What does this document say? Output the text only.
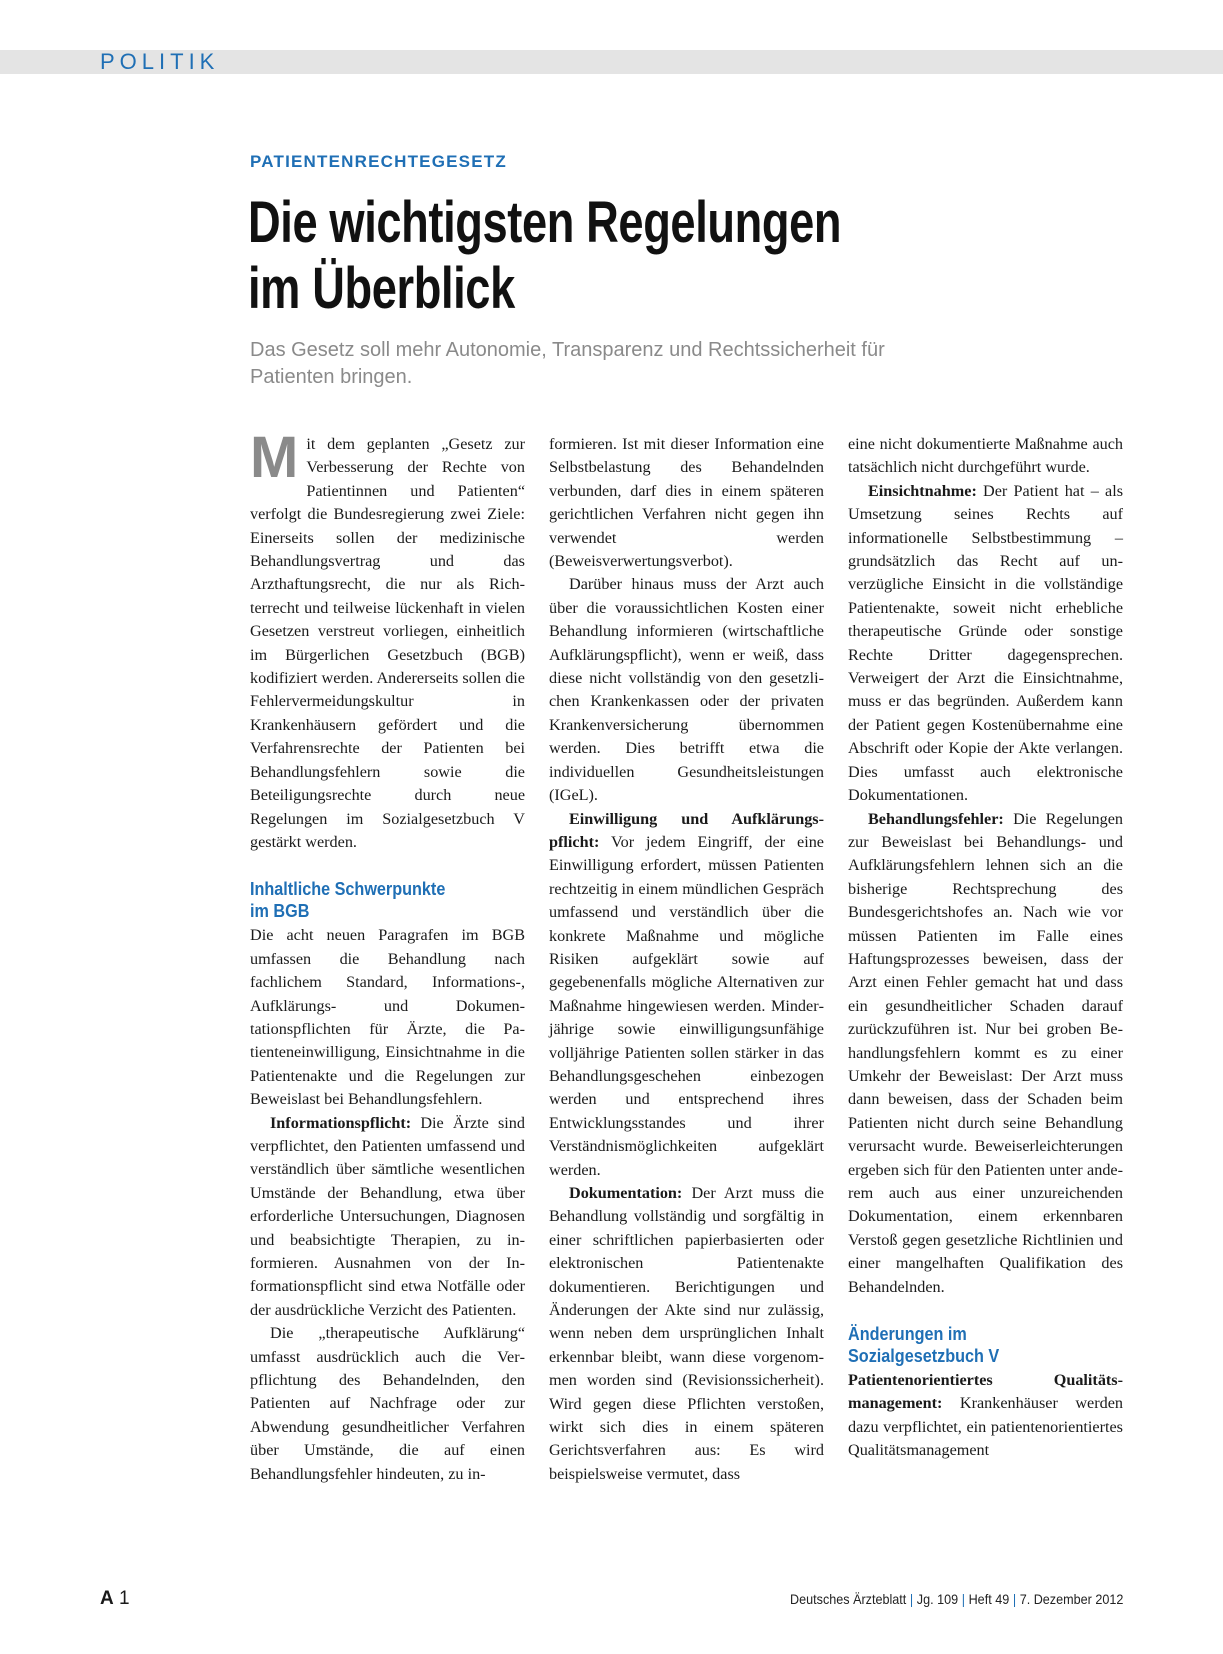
POLITIK
PATIENTENRECHTEGESETZ
Die wichtigsten Regelungen
im Überblick
Das Gesetz soll mehr Autonomie, Transparenz und Rechtssicherheit für Patienten bringen.

Mit dem geplanten „Gesetz zur Verbesserung der Rechte von Patientinnen und Patienten“ verfolgt die Bundesregierung zwei Ziele: Einerseits sollen der medizinische Behandlungsvertrag und das Arzthaftungsrecht, die nur als Richterrecht und teilweise lückenhaft in vielen Gesetzen verstreut vorliegen, einheitlich im Bürgerlichen Gesetzbuch (BGB) kodifiziert werden. Andererseits sollen die Fehlervermeidungskultur in Krankenhäusern gefördert und die Verfahrensrechte der Patienten bei Behandlungsfehlern sowie die Beteiligungsrechte durch neue Regelungen im Sozialgesetzbuch V gestärkt werden.

Inhaltliche Schwerpunkte
im BGB

Die acht neuen Paragrafen im BGB umfassen die Behandlung nach fachlichem Standard, Informations-, Aufklärungs- und Dokumentationspflichten für Ärzte, die Patienteneinwilligung, Einsichtnahme in die Patientenakte und die Regelungen zur Beweislast bei Behandlungsfehlern.

Informationspflicht: Die Ärzte sind verpflichtet, den Patienten umfassend und verständlich über sämtliche wesentlichen Umstände der Behandlung, etwa über erforderliche Untersuchungen, Diagnosen und beabsichtigte Therapien, zu informieren. Ausnahmen von der Informationspflicht sind etwa Notfälle oder der ausdrückliche Verzicht des Patienten.

Die „therapeutische Aufklärung“ umfasst ausdrücklich auch die Verpflichtung des Behandelnden, den Patienten auf Nachfrage oder zur Abwendung gesundheitlicher Verfahren über Umstände, die auf einen Behandlungsfehler hindeuten, zu in-

formieren. Ist mit dieser Information eine Selbstbelastung des Behandelnden verbunden, darf dies in einem späteren gerichtlichen Verfahren nicht gegen ihn verwendet werden (Beweisverwertungsverbot).

Darüber hinaus muss der Arzt auch über die voraussichtlichen Kosten einer Behandlung informieren (wirtschaftliche Aufklärungspflicht), wenn er weiß, dass diese nicht vollständig von den gesetzlichen Krankenkassen oder der privaten Krankenversicherung übernommen werden. Dies betrifft etwa die individuellen Gesundheitsleistungen (IGeL).

Einwilligung und Aufklärungspflicht: Vor jedem Eingriff, der eine Einwilligung erfordert, müssen Patienten rechtzeitig in einem mündlichen Gespräch umfassend und verständlich über die konkrete Maßnahme und mögliche Risiken aufgeklärt sowie auf gegebenenfalls mögliche Alternativen zur Maßnahme hingewiesen werden. Minderjährige sowie einwilligungsunfähige volljährige Patienten sollen stärker in das Behandlungsgeschehen einbezogen werden und entsprechend ihres Entwicklungsstandes und ihrer Verständnismöglichkeiten aufgeklärt werden.

Dokumentation: Der Arzt muss die Behandlung vollständig und sorgfältig in einer schriftlichen papierbasierten oder elektronischen Patientenakte dokumentieren. Berichtigungen und Änderungen der Akte sind nur zulässig, wenn neben dem ursprünglichen Inhalt erkennbar bleibt, wann diese vorgenommen worden sind (Revisionssicherheit). Wird gegen diese Pflichten verstoßen, wirkt sich dies in einem späteren Gerichtsverfahren aus: Es wird beispielsweise vermutet, dass

eine nicht dokumentierte Maßnahme auch tatsächlich nicht durchgeführt wurde.

Einsichtnahme: Der Patient hat – als Umsetzung seines Rechts auf informationelle Selbstbestimmung – grundsätzlich das Recht auf unverzügliche Einsicht in die vollständige Patientenakte, soweit nicht erhebliche therapeutische Gründe oder sonstige Rechte Dritter dagegensprechen. Verweigert der Arzt die Einsichtnahme, muss er das begründen. Außerdem kann der Patient gegen Kostenübernahme eine Abschrift oder Kopie der Akte verlangen. Dies umfasst auch elektronische Dokumentationen.

Behandlungsfehler: Die Regelungen zur Beweislast bei Behandlungs- und Aufklärungsfehlern lehnen sich an die bisherige Rechtsprechung des Bundesgerichtshofes an. Nach wie vor müssen Patienten im Falle eines Haftungsprozesses beweisen, dass der Arzt einen Fehler gemacht hat und dass ein gesundheitlicher Schaden darauf zurückzuführen ist. Nur bei groben Behandlungsfehlern kommt es zu einer Umkehr der Beweislast: Der Arzt muss dann beweisen, dass der Schaden beim Patienten nicht durch seine Behandlung verursacht wurde. Beweiserleichterungen ergeben sich für den Patienten unter anderem auch aus einer unzureichenden Dokumentation, einem erkennbaren Verstoß gegen gesetzliche Richtlinien und einer mangelhaften Qualifikation des Behandelnden.

Änderungen im
Sozialgesetzbuch V

Patientenorientiertes Qualitätsmanagement: Krankenhäuser werden dazu verpflichtet, ein patientenorientiertes Qualitätsmanagement

A 1	Deutsches Ärzteblatt | Jg. 109 | Heft 49 | 7. Dezember 2012
